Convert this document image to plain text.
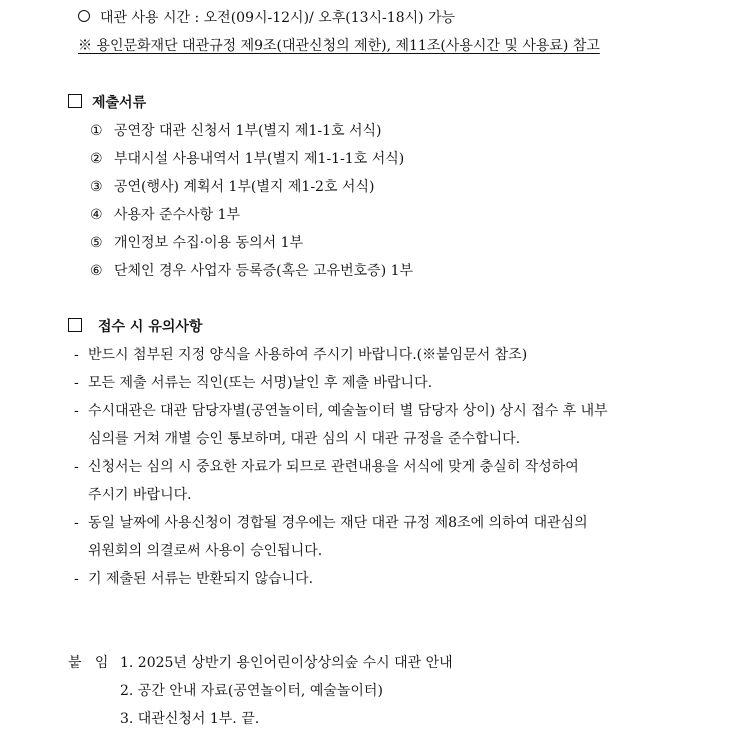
대관 사용 시간 : 오전(09시-12시)/ 오후(13시-18시) 가능
※ 용인문화재단 대관규정 제9조(대관신청의 제한), 제11조(사용시간 및 사용료) 참고
제출서류
① 공연장 대관 신청서 1부(별지 제1-1호 서식)
② 부대시설 사용내역서 1부(별지 제1-1-1호 서식)
③ 공연(행사) 계획서 1부(별지 제1-2호 서식)
④ 사용자 준수사항 1부
⑤ 개인정보 수집·이용 동의서 1부
⑥ 단체인 경우 사업자 등록증(혹은 고유번호증) 1부
접수 시 유의사항
- 반드시 첨부된 지정 양식을 사용하여 주시기 바랍니다.(※붙임문서 참조)
- 모든 제출 서류는 직인(또는 서명)날인 후 제출 바랍니다.
- 수시대관은 대관 담당자별(공연놀이터, 예술놀이터 별 담당자 상이) 상시 접수 후 내부
심의를 거쳐 개별 승인 통보하며, 대관 심의 시 대관 규정을 준수합니다.
- 신청서는 심의 시 중요한 자료가 되므로 관련내용을 서식에 맞게 충실히 작성하여
주시기 바랍니다.
- 동일 날짜에 사용신청이 경합될 경우에는 재단 대관 규정 제8조에 의하여 대관심의
위원회의 의결로써 사용이 승인됩니다.
- 기 제출된 서류는 반환되지 않습니다.
붙   임 1. 2025년 상반기 용인어린이상상의숲 수시 대관 안내
2. 공간 안내 자료(공연놀이터, 예술놀이터)
3. 대관신청서 1부. 끝.
